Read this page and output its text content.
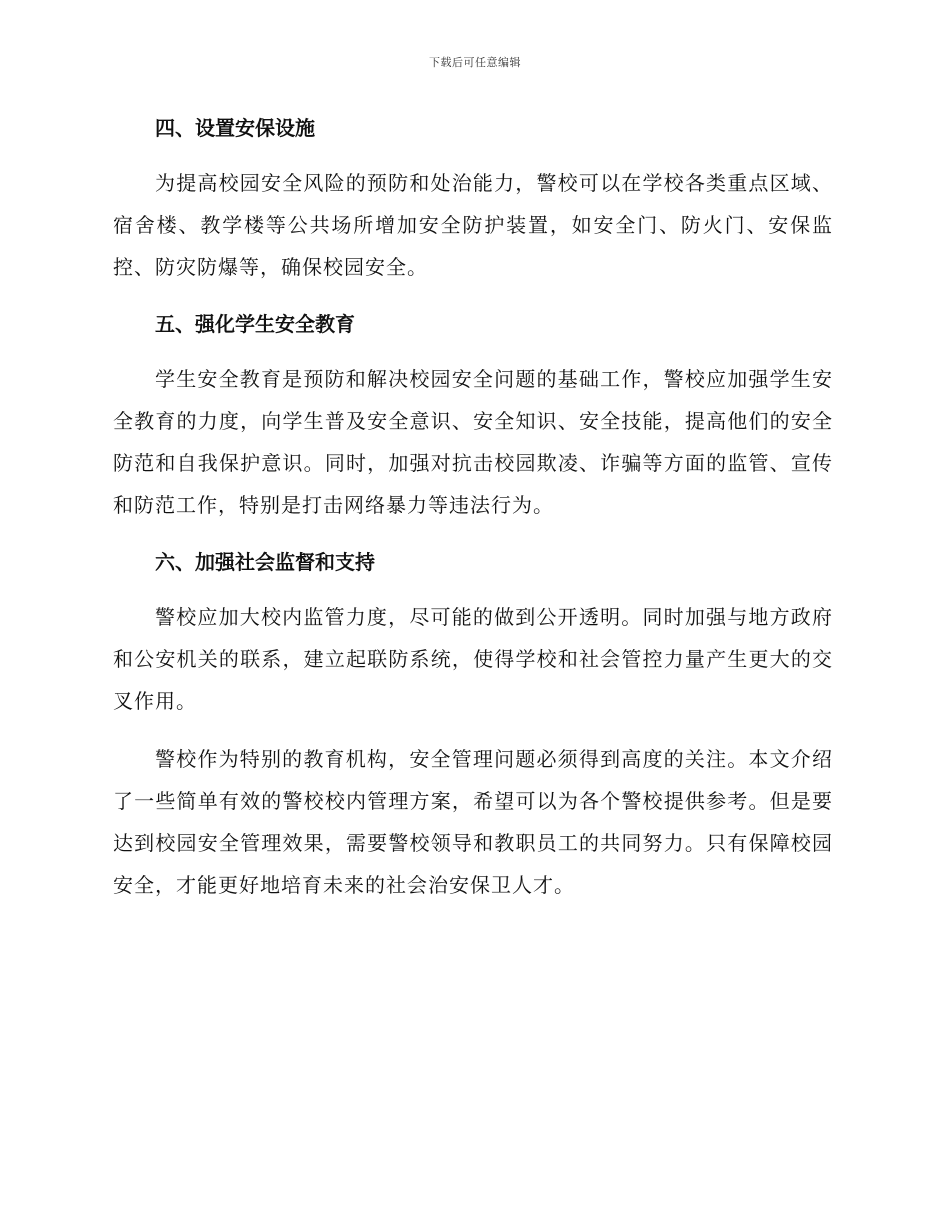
下载后可任意编辑
四、设置安保设施
为提高校园安全风险的预防和处治能力，警校可以在学校各类重点区域、宿舍楼、教学楼等公共场所增加安全防护装置，如安全门、防火门、安保监控、防灾防爆等，确保校园安全。
五、强化学生安全教育
学生安全教育是预防和解决校园安全问题的基础工作，警校应加强学生安全教育的力度，向学生普及安全意识、安全知识、安全技能，提高他们的安全防范和自我保护意识。同时，加强对抗击校园欺凌、诈骗等方面的监管、宣传和防范工作，特别是打击网络暴力等违法行为。
六、加强社会监督和支持
警校应加大校内监管力度，尽可能的做到公开透明。同时加强与地方政府和公安机关的联系，建立起联防系统，使得学校和社会管控力量产生更大的交叉作用。
警校作为特别的教育机构，安全管理问题必须得到高度的关注。本文介绍了一些简单有效的警校校内管理方案，希望可以为各个警校提供参考。但是要达到校园安全管理效果，需要警校领导和教职员工的共同努力。只有保障校园安全，才能更好地培育未来的社会治安保卫人才。
